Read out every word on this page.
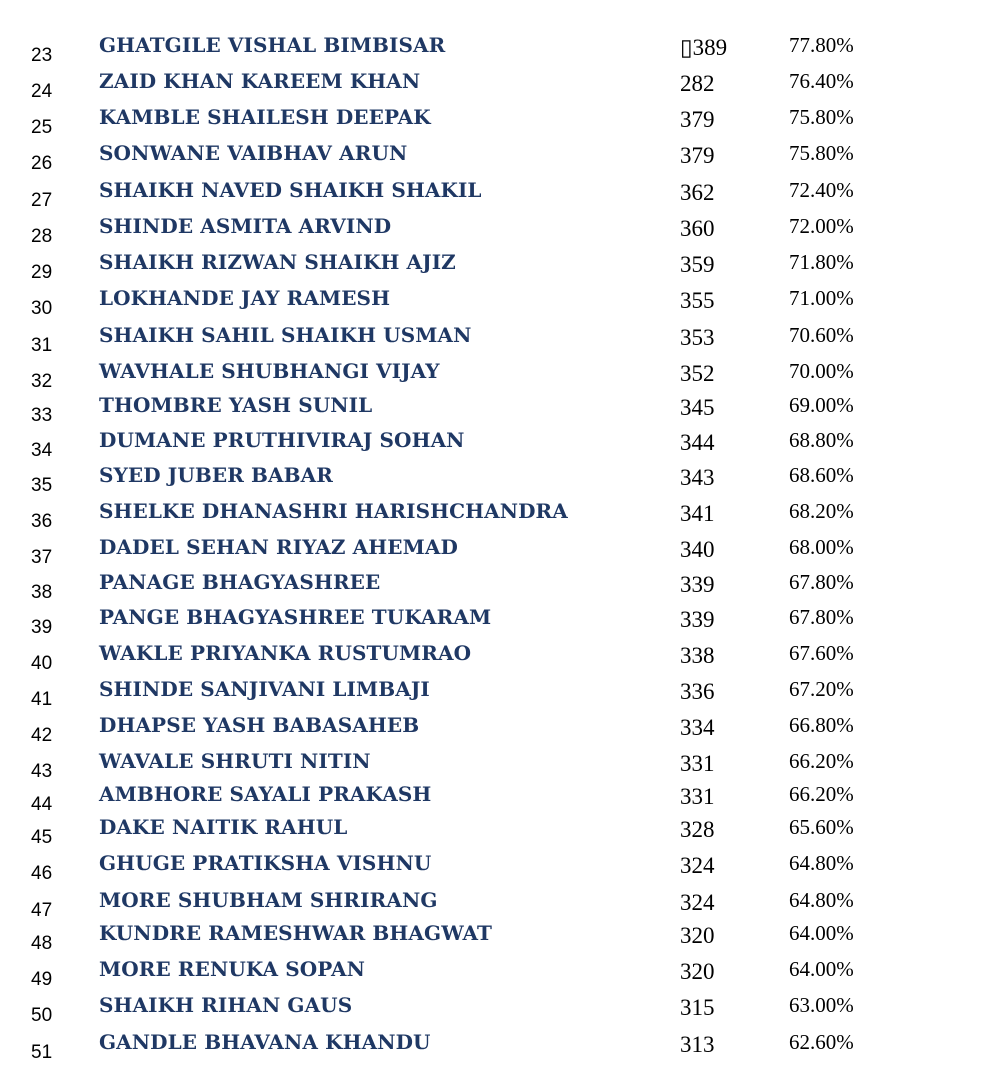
23 GHATGILE VISHAL BIMBISAR	▯389	77.80%
24 ZAID KHAN KAREEM KHAN	282	76.40%
25 KAMBLE SHAILESH DEEPAK	379	75.80%
26 SONWANE VAIBHAV ARUN	379	75.80%
27 SHAIKH NAVED SHAIKH SHAKIL	362	72.40%
28 SHINDE ASMITA ARVIND	360	72.00%
29 SHAIKH RIZWAN SHAIKH AJIZ	359	71.80%
30 LOKHANDE JAY RAMESH	355	71.00%
31 SHAIKH SAHIL SHAIKH USMAN	353	70.60%
32 WAVHALE SHUBHANGI VIJAY	352	70.00%
33 THOMBRE YASH SUNIL	345	69.00%
34 DUMANE PRUTHIVIRAJ SOHAN	344	68.80%
35 SYED JUBER BABAR	343	68.60%
36 SHELKE DHANASHRI HARISHCHANDRA	341	68.20%
37 DADEL SEHAN RIYAZ AHEMAD	340	68.00%
38 PANAGE BHAGYASHREE	339	67.80%
39 PANGE BHAGYASHREE TUKARAM	339	67.80%
40 WAKLE PRIYANKA RUSTUMRAO	338	67.60%
41 SHINDE SANJIVANI LIMBAJI	336	67.20%
42 DHAPSE YASH BABASAHEB	334	66.80%
43 WAVALE SHRUTI NITIN	331	66.20%
44 AMBHORE SAYALI PRAKASH	331	66.20%
45 DAKE NAITIK RAHUL	328	65.60%
46 GHUGE PRATIKSHA VISHNU	324	64.80%
47 MORE SHUBHAM SHRIRANG	324	64.80%
48 KUNDRE RAMESHWAR BHAGWAT	320	64.00%
49 MORE RENUKA SOPAN	320	64.00%
50 SHAIKH RIHAN GAUS	315	63.00%
51 GANDLE BHAVANA KHANDU	313	62.60%
